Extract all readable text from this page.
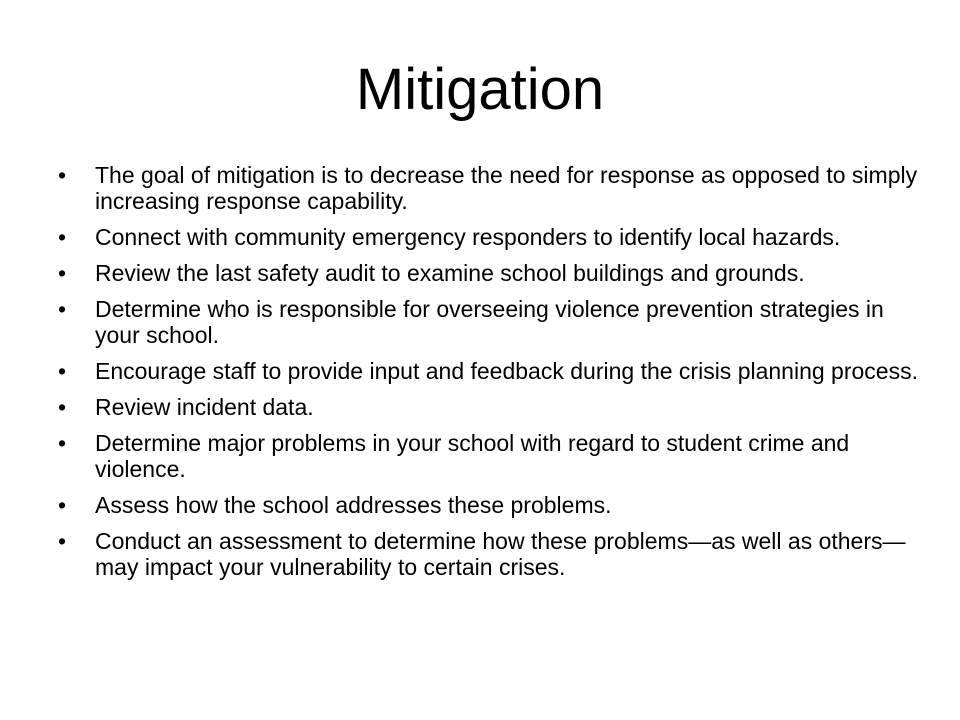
Mitigation
•	The goal of mitigation is to decrease the need for response as opposed to simply increasing response capability.
•	Connect with community emergency responders to identify local hazards.
•	Review the last safety audit to examine school buildings and grounds.
•	Determine who is responsible for overseeing violence prevention strategies in your school.
•	Encourage staff to provide input and feedback during the crisis planning process.
•	Review incident data.
•	Determine major problems in your school with regard to student crime and violence.
•	Assess how the school addresses these problems.
•	Conduct an assessment to determine how these problems—as well as others—may impact your vulnerability to certain crises.
